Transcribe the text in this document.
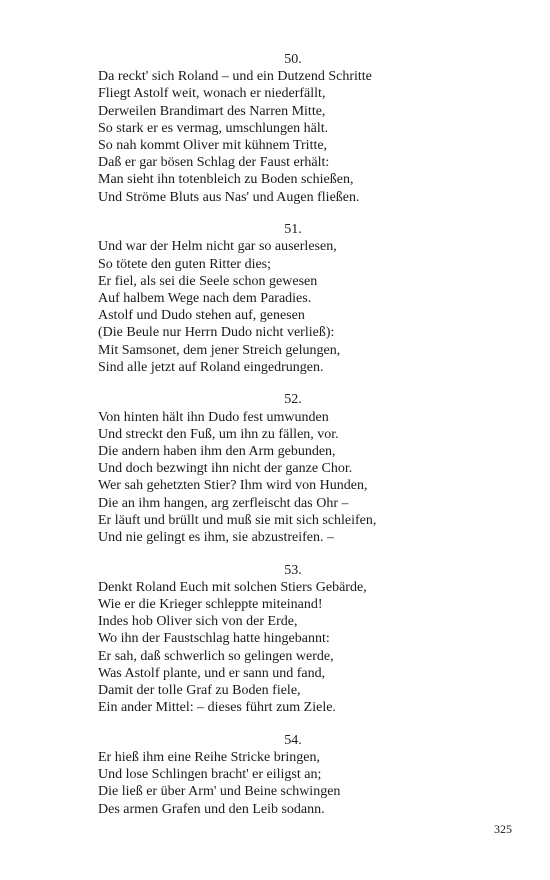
50.
Da reckt' sich Roland – und ein Dutzend Schritte
Fliegt Astolf weit, wonach er niederfällt,
Derweilen Brandimart des Narren Mitte,
So stark er es vermag, umschlungen hält.
So nah kommt Oliver mit kühnem Tritte,
Daß er gar bösen Schlag der Faust erhält:
Man sieht ihn totenbleich zu Boden schießen,
Und Ströme Bluts aus Nas' und Augen fließen.
51.
Und war der Helm nicht gar so auserlesen,
So tötete den guten Ritter dies;
Er fiel, als sei die Seele schon gewesen
Auf halbem Wege nach dem Paradies.
Astolf und Dudo stehen auf, genesen
(Die Beule nur Herrn Dudo nicht verließ):
Mit Samsonet, dem jener Streich gelungen,
Sind alle jetzt auf Roland eingedrungen.
52.
Von hinten hält ihn Dudo fest umwunden
Und streckt den Fuß, um ihn zu fällen, vor.
Die andern haben ihm den Arm gebunden,
Und doch bezwingt ihn nicht der ganze Chor.
Wer sah gehetzten Stier? Ihm wird von Hunden,
Die an ihm hangen, arg zerfleischt das Ohr –
Er läuft und brüllt und muß sie mit sich schleifen,
Und nie gelingt es ihm, sie abzustreifen. –
53.
Denkt Roland Euch mit solchen Stiers Gebärde,
Wie er die Krieger schleppte miteinand!
Indes hob Oliver sich von der Erde,
Wo ihn der Faustschlag hatte hingebannt:
Er sah, daß schwerlich so gelingen werde,
Was Astolf plante, und er sann und fand,
Damit der tolle Graf zu Boden fiele,
Ein ander Mittel: – dieses führt zum Ziele.
54.
Er hieß ihm eine Reihe Stricke bringen,
Und lose Schlingen bracht' er eiligst an;
Die ließ er über Arm' und Beine schwingen
Des armen Grafen und den Leib sodann.
325
